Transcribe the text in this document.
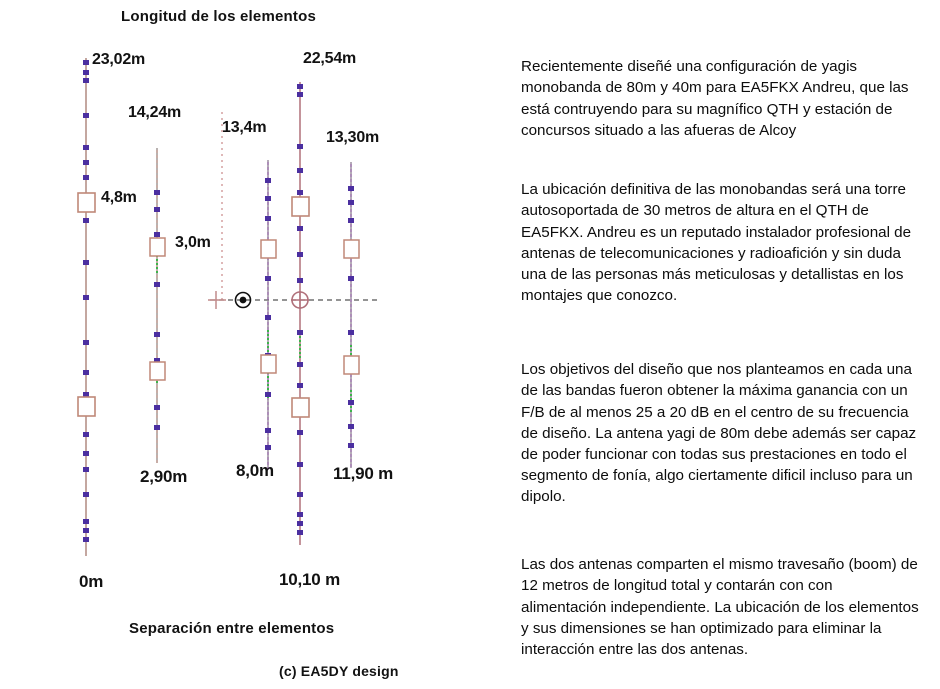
Longitud de los elementos
23,02m
14,24m
13,4m
22,54m
13,30m
4,8m
3,0m
2,90m	8,0m	11,90 m
0m	10,10 m
Separación entre elementos
(c) EA5DY design

Recientemente diseñé una configuración de yagis monobanda de 80m y 40m para EA5FKX Andreu, que las está contruyendo para su magnífico QTH y estación de concursos situado a las afueras de Alcoy

La ubicación definitiva de las monobandas será una torre autosoportada de 30 metros de altura en el QTH de EA5FKX. Andreu es un reputado instalador profesional de antenas de telecomunicaciones y radioafición y sin duda una de las personas más meticulosas y detallistas en los montajes que conozco.

Los objetivos del diseño que nos planteamos en cada una de las bandas fueron obtener la máxima ganancia con un F/B de al menos 25 a 20 dB en el centro de su frecuencia de diseño. La antena yagi de 80m debe además ser capaz de poder funcionar con todas sus prestaciones en todo el segmento de fonía, algo ciertamente dificil incluso para un dipolo.

Las dos antenas comparten el mismo travesaño (boom) de 12 metros de longitud total y contarán con con alimentación independiente. La ubicación de los elementos y sus dimensiones se han optimizado para eliminar la interacción entre las dos antenas.
